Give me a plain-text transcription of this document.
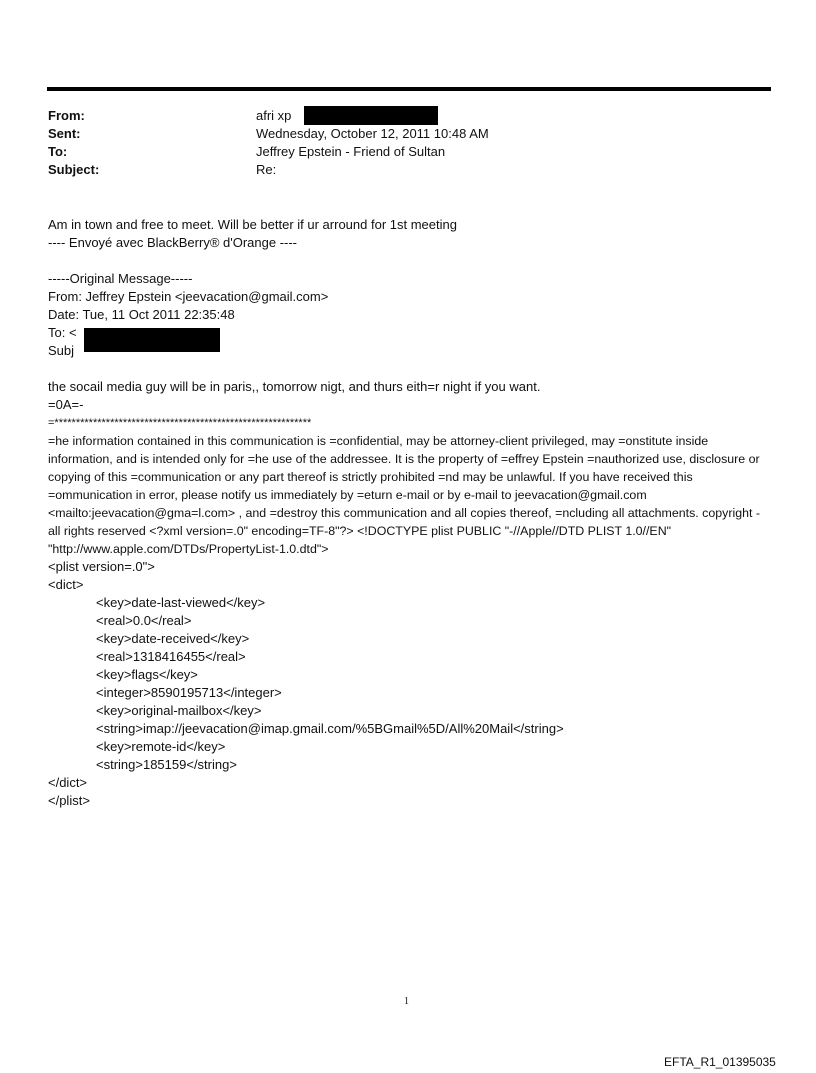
From:	afri xp
Sent:	Wednesday, October 12, 2011 10:48 AM
To:	Jeffrey Epstein - Friend of Sultan
Subject:	Re:
Am in town and free to meet. Will be better if ur arround for 1st meeting
---- Envoyé avec BlackBerry® d'Orange ----
-----Original Message-----
From: Jeffrey Epstein <jeevacation@gmail.com>
Date: Tue, 11 Oct 2011 22:35:48
To: <
Subj
the socail media guy will be in paris,, tomorrow nigt, and thurs eith=r night if you want.
=0A=-
=************************************************************
=he information contained in this communication is =confidential, may be attorney-client privileged, may =onstitute inside information, and is intended only for =he use of the addressee. It is the property of =effrey Epstein =nauthorized use, disclosure or copying of this =communication or any part thereof is strictly prohibited =nd may be unlawful. If you have received this =ommunication in error, please notify us immediately by =eturn e-mail or by e-mail to jeevacation@gmail.com <mailto:jeevacation@gma=l.com> , and =destroy this communication and all copies thereof, =ncluding all attachments. copyright -all rights reserved <?xml version=.0" encoding=TF-8"?> <!DOCTYPE plist PUBLIC "-//Apple//DTD PLIST 1.0//EN" "http://www.apple.com/DTDs/PropertyList-1.0.dtd">
<plist version=.0">
<dict>
<key>date-last-viewed</key>
<real>0.0</real>
<key>date-received</key>
<real>1318416455</real>
<key>flags</key>
<integer>8590195713</integer>
<key>original-mailbox</key>
<string>imap://jeevacation@imap.gmail.com/%5BGmail%5D/All%20Mail</string>
<key>remote-id</key>
<string>185159</string>
</dict>
</plist>
1
EFTA_R1_01395035
